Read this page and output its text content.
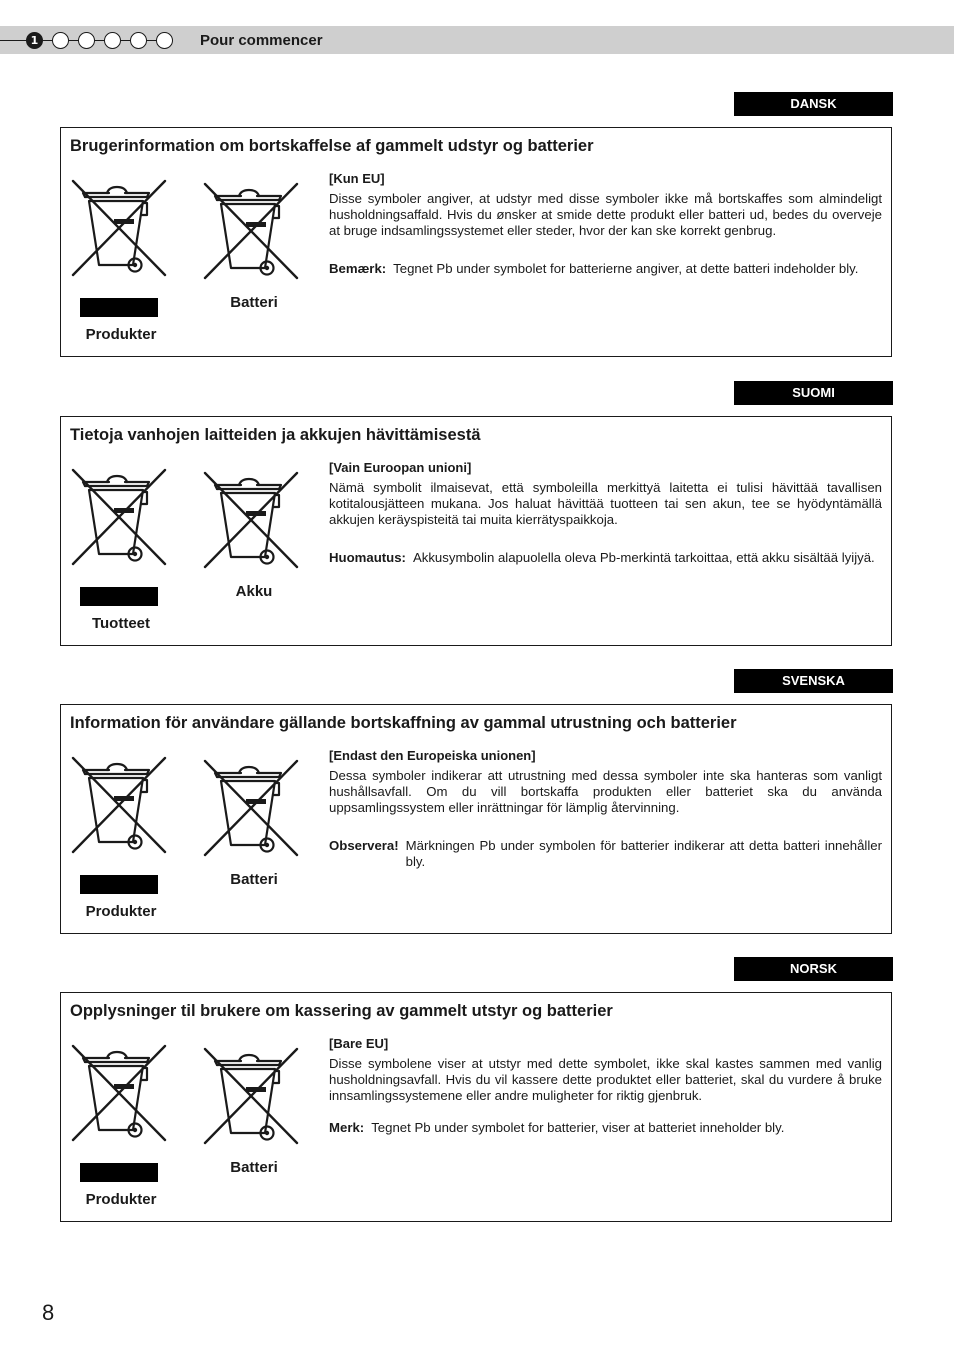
1	Pour commencer
DANSK
Brugerinformation om bortskaffelse af gammelt udstyr og batterier
Produkter
Batteri
[Kun EU]
Disse symboler angiver, at udstyr med disse symboler ikke må bortskaffes som almindeligt husholdningsaffald. Hvis du ønsker at smide dette produkt eller batteri ud, bedes du overveje at bruge indsamlingssystemet eller steder, hvor der kan ske korrekt genbrug.
Bemærk: Tegnet Pb under symbolet for batterierne angiver, at dette batteri indeholder bly.
SUOMI
Tietoja vanhojen laitteiden ja akkujen hävittämisestä
Tuotteet
Akku
[Vain Euroopan unioni]
Nämä symbolit ilmaisevat, että symboleilla merkittyä laitetta ei tulisi hävittää tavallisen kotitalousjätteen mukana. Jos haluat hävittää tuotteen tai sen akun, tee se hyödyntämällä akkujen keräyspisteitä tai muita kierrätyspaikkoja.
Huomautus: Akkusymbolin alapuolella oleva Pb-merkintä tarkoittaa, että akku sisältää lyijyä.
SVENSKA
Information för användare gällande bortskaffning av gammal utrustning och batterier
Produkter
Batteri
[Endast den Europeiska unionen]
Dessa symboler indikerar att utrustning med dessa symboler inte ska hanteras som vanligt hushållsavfall. Om du vill bortskaffa produkten eller batteriet ska du använda uppsamlingssystem eller inrättningar för lämplig återvinning.
Observera! Märkningen Pb under symbolen för batterier indikerar att detta batteri innehåller bly.
NORSK
Opplysninger til brukere om kassering av gammelt utstyr og batterier
Produkter
Batteri
[Bare EU]
Disse symbolene viser at utstyr med dette symbolet, ikke skal kastes sammen med vanlig husholdningsavfall. Hvis du vil kassere dette produktet eller batteriet, skal du vurdere å bruke innsamlingssystemene eller andre muligheter for riktig gjenbruk.
Merk: Tegnet Pb under symbolet for batterier, viser at batteriet inneholder bly.
8
